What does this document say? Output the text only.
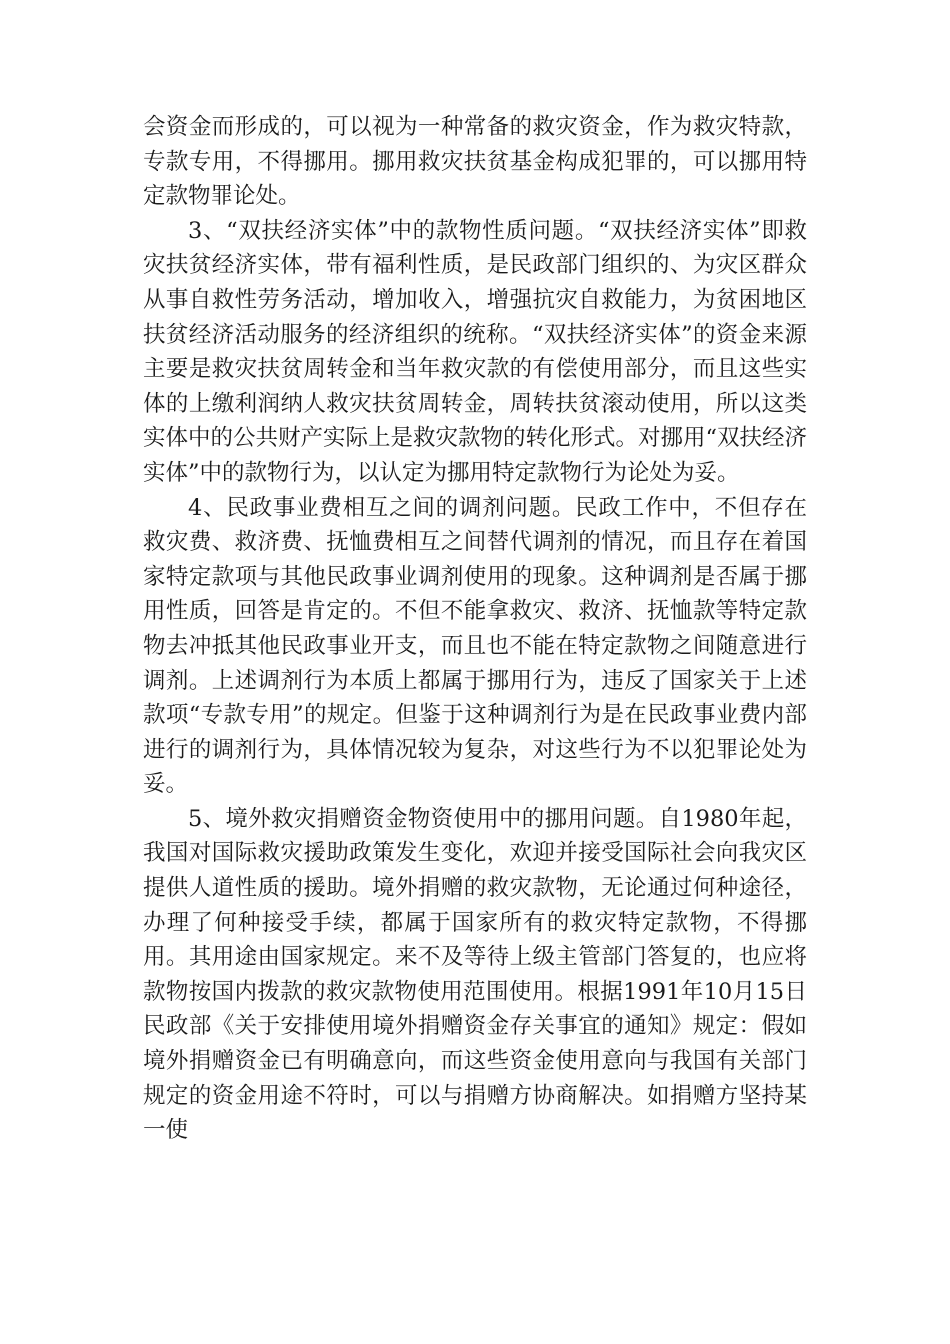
会资金而形成的，可以视为一种常备的救灾资金，作为救灾特款，专款专用，不得挪用。挪用救灾扶贫基金构成犯罪的，可以挪用特定款物罪论处。

3、“双扶经济实体”中的款物性质问题。“双扶经济实体”即救灾扶贫经济实体，带有福利性质，是民政部门组织的、为灾区群众从事自救性劳务活动，增加收入，增强抗灾自救能力，为贫困地区扶贫经济活动服务的经济组织的统称。“双扶经济实体”的资金来源主要是救灾扶贫周转金和当年救灾款的有偿使用部分，而且这些实体的上缴利润纳人救灾扶贫周转金，周转扶贫滚动使用，所以这类实体中的公共财产实际上是救灾款物的转化形式。对挪用“双扶经济实体”中的款物行为，以认定为挪用特定款物行为论处为妥。

4、民政事业费相互之间的调剂问题。民政工作中，不但存在救灾费、救济费、抚恤费相互之间替代调剂的情况，而且存在着国家特定款项与其他民政事业调剂使用的现象。这种调剂是否属于挪用性质，回答是肯定的。不但不能拿救灾、救济、抚恤款等特定款物去冲抵其他民政事业开支，而且也不能在特定款物之间随意进行调剂。上述调剂行为本质上都属于挪用行为，违反了国家关于上述款项“专款专用”的规定。但鉴于这种调剂行为是在民政事业费内部进行的调剂行为，具体情况较为复杂，对这些行为不以犯罪论处为妥。

5、境外救灾捐赠资金物资使用中的挪用问题。自1980年起，我国对国际救灾援助政策发生变化，欢迎并接受国际社会向我灾区提供人道性质的援助。境外捐赠的救灾款物，无论通过何种途径，办理了何种接受手续，都属于国家所有的救灾特定款物，不得挪用。其用途由国家规定。来不及等待上级主管部门答复的，也应将款物按国内拨款的救灾款物使用范围使用。根据1991年10月15日民政部《关于安排使用境外捐赠资金存关事宜的通知》规定：假如境外捐赠资金已有明确意向，而这些资金使用意向与我国有关部门规定的资金用途不符时，可以与捐赠方协商解决。如捐赠方坚持某一使
